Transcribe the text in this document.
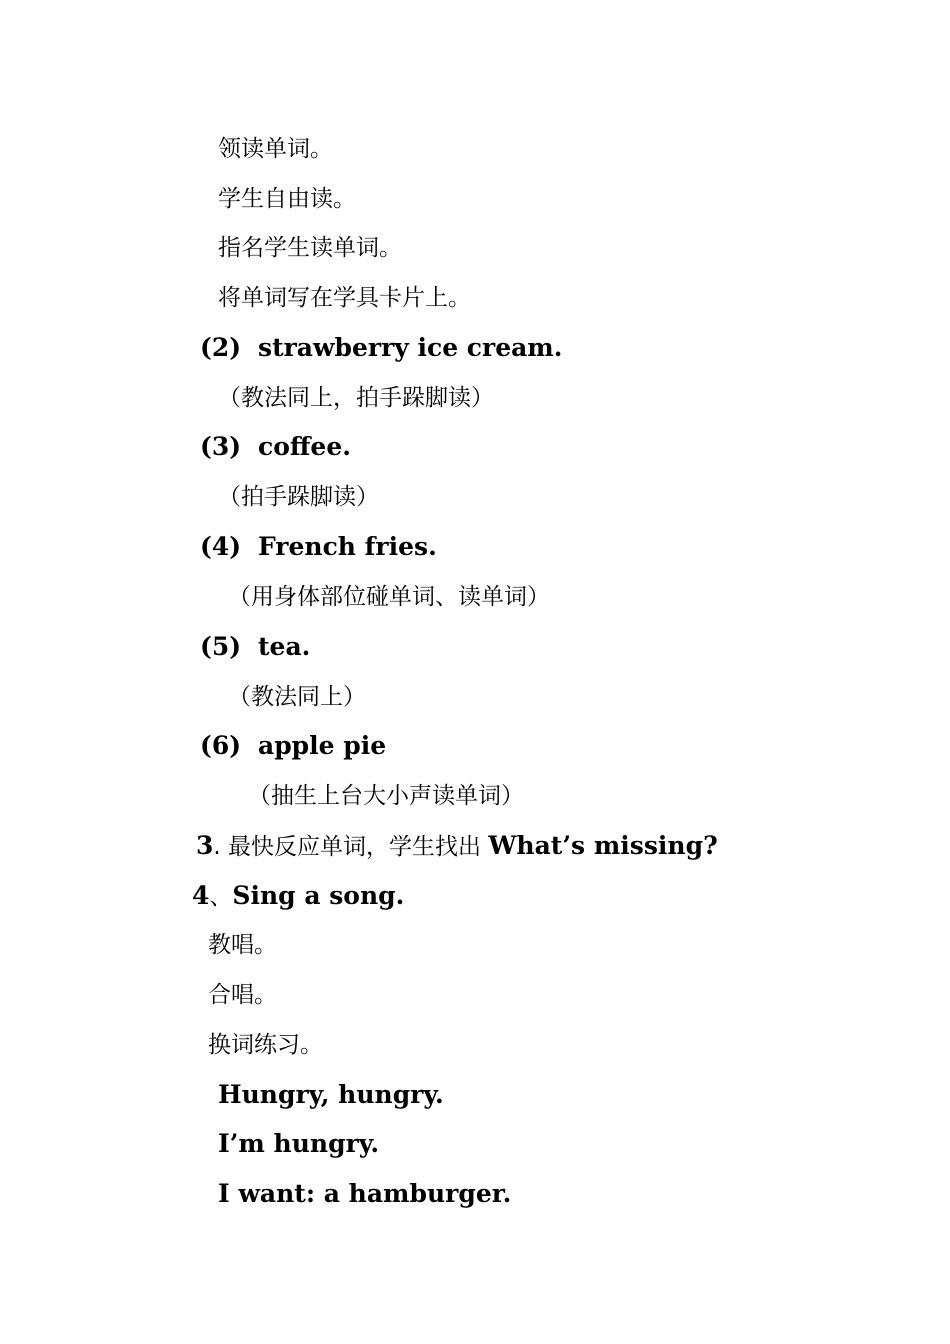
领读单词。
学生自由读。
指名学生读单词。
将单词写在学具卡片上。
(2) strawberry ice cream.
（教法同上，拍手跺脚读）
(3) coffee.
（拍手跺脚读）
(4) French fries.
（用身体部位碰单词、读单词）
(5) tea.
（教法同上）
(6) apple pie
（抽生上台大小声读单词）
3. 最快反应单词，学生找出 What’s missing?
4、Sing a song.
教唱。
合唱。
换词练习。
Hungry, hungry.
I’m hungry.
I want: a hamburger.
